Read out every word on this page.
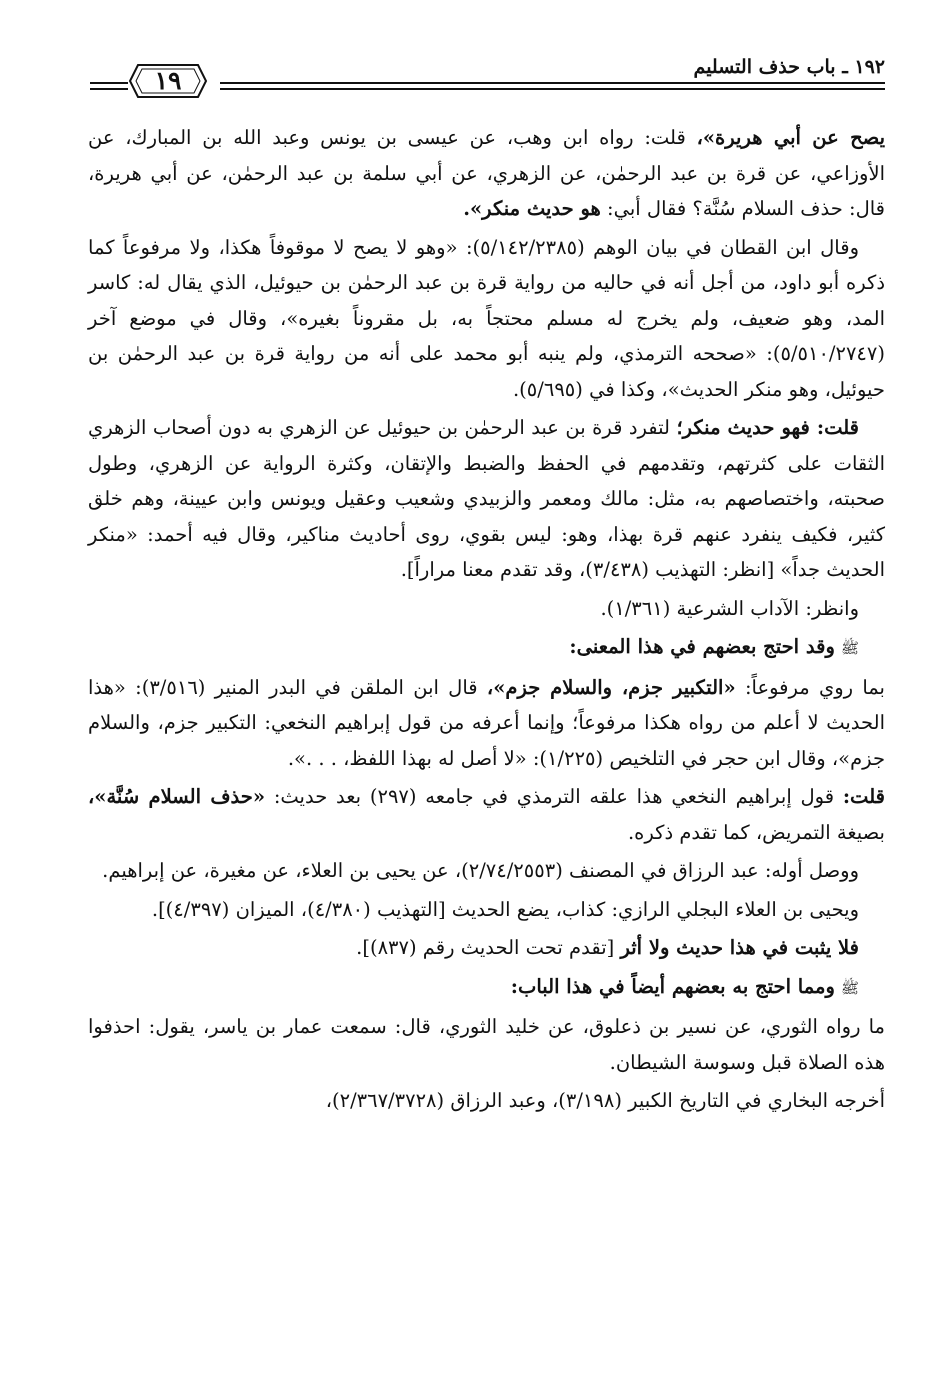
١٩٢ ـ باب حذف التسليم
١٩

يصح عن أبي هريرة»، قلت: رواه ابن وهب، عن عيسى بن يونس وعبد الله بن المبارك، عن الأوزاعي، عن قرة بن عبد الرحمٰن، عن الزهري، عن أبي سلمة بن عبد الرحمٰن، عن أبي هريرة، قال: حذف السلام سُنَّة؟ فقال أبي: هو حديث منكر».

وقال ابن القطان في بيان الوهم (٥/١٤٢/٢٣٨٥): «وهو لا يصح لا موقوفاً هكذا، ولا مرفوعاً كما ذكره أبو داود، من أجل أنه في حاليه من رواية قرة بن عبد الرحمٰن بن حيوئيل، الذي يقال له: كاسر المد، وهو ضعيف، ولم يخرج له مسلم محتجاً به، بل مقروناً بغيره»، وقال في موضع آخر (٥/٥١٠/٢٧٤٧): «صححه الترمذي، ولم ينبه أبو محمد على أنه من رواية قرة بن عبد الرحمٰن بن حيوئيل، وهو منكر الحديث»، وكذا في (٥/٦٩٥).

قلت: فهو حديث منكر؛ لتفرد قرة بن عبد الرحمٰن بن حيوئيل عن الزهري به دون أصحاب الزهري الثقات على كثرتهم، وتقدمهم في الحفظ والضبط والإتقان، وكثرة الرواية عن الزهري، وطول صحبته، واختصاصهم به، مثل: مالك ومعمر والزبيدي وشعيب وعقيل ويونس وابن عيينة، وهم خلق كثير، فكيف ينفرد عنهم قرة بهذا، وهو: ليس بقوي، روى أحاديث مناكير، وقال فيه أحمد: «منكر الحديث جداً» [انظر: التهذيب (٣/٤٣٨)، وقد تقدم معنا مراراً].

وانظر: الآداب الشرعية (١/٣٦١).

ﷺوقد احتج بعضهم في هذا المعنى:

بما روي مرفوعاً: «التكبير جزم، والسلام جزم»، قال ابن الملقن في البدر المنير (٣/٥١٦): «هذا الحديث لا أعلم من رواه هكذا مرفوعاً؛ وإنما أعرفه من قول إبراهيم النخعي: التكبير جزم، والسلام جزم»، وقال ابن حجر في التلخيص (١/٢٢٥): «لا أصل له بهذا اللفظ، . . .».

قلت: قول إبراهيم النخعي هذا علقه الترمذي في جامعه (٢٩٧) بعد حديث: «حذف السلام سُنَّة»، بصيغة التمريض، كما تقدم ذكره.

ووصل أوله: عبد الرزاق في المصنف (٢/٧٤/٢٥٥٣)، عن يحيى بن العلاء، عن مغيرة، عن إبراهيم.

ويحيى بن العلاء البجلي الرازي: كذاب، يضع الحديث [التهذيب (٤/٣٨٠)، الميزان (٤/٣٩٧)].

فلا يثبت في هذا حديث ولا أثر [تقدم تحت الحديث رقم (٨٣٧)].

ﷺومما احتج به بعضهم أيضاً في هذا الباب:

ما رواه الثوري، عن نسير بن ذعلوق، عن خليد الثوري، قال: سمعت عمار بن ياسر، يقول: احذفوا هذه الصلاة قبل وسوسة الشيطان.

أخرجه البخاري في التاريخ الكبير (٣/١٩٨)، وعبد الرزاق (٢/٣٦٧/٣٧٢٨)،
